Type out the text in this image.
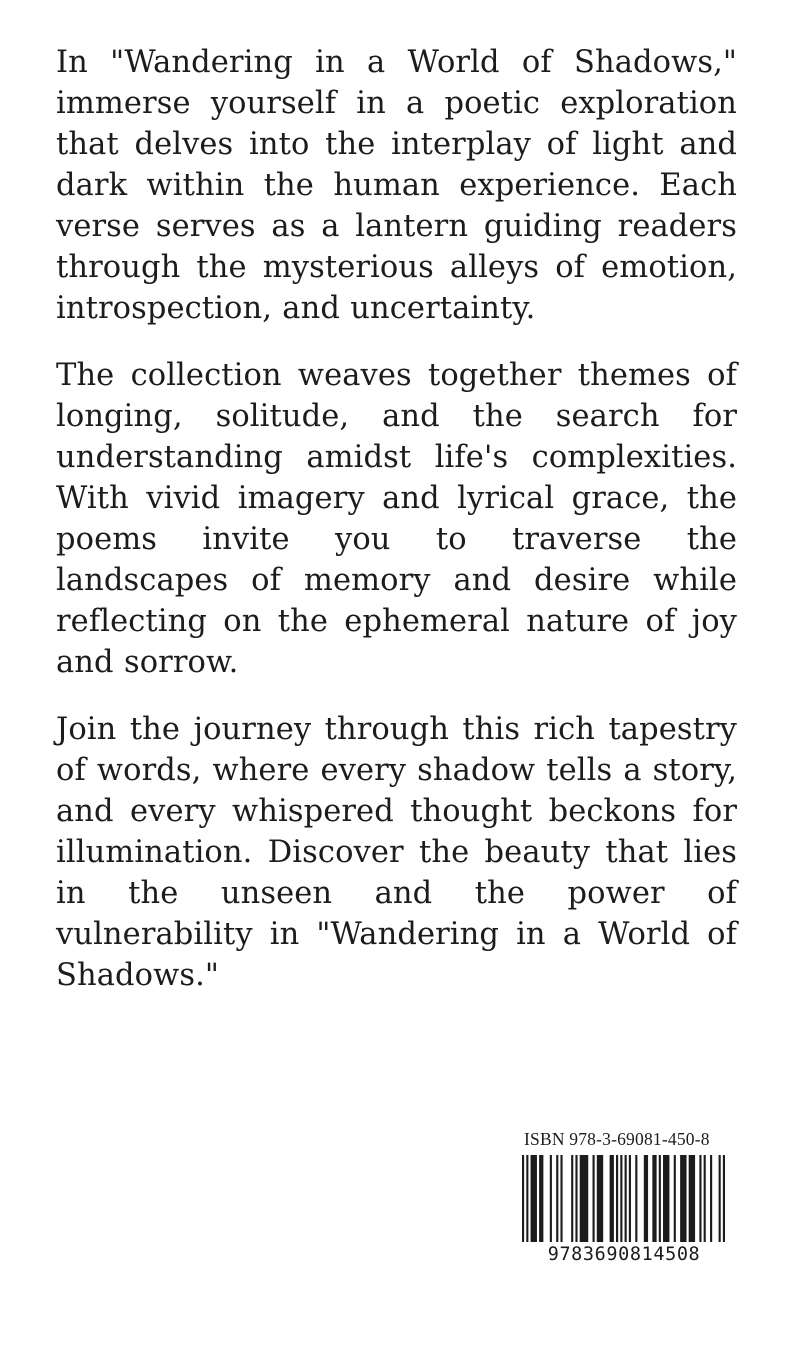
In "Wandering in a World of Shadows," immerse yourself in a poetic exploration that delves into the interplay of light and dark within the human experience. Each verse serves as a lantern guiding readers through the mysterious alleys of emotion, introspection, and uncertainty.

The collection weaves together themes of longing, solitude, and the search for understanding amidst life's complexities. With vivid imagery and lyrical grace, the poems invite you to traverse the landscapes of memory and desire while reflecting on the ephemeral nature of joy and sorrow.

Join the journey through this rich tapestry of words, where every shadow tells a story, and every whispered thought beckons for illumination. Discover the beauty that lies in the unseen and the power of vulnerability in "Wandering in a World of Shadows."

ISBN 978-3-69081-450-8
9783690814508
